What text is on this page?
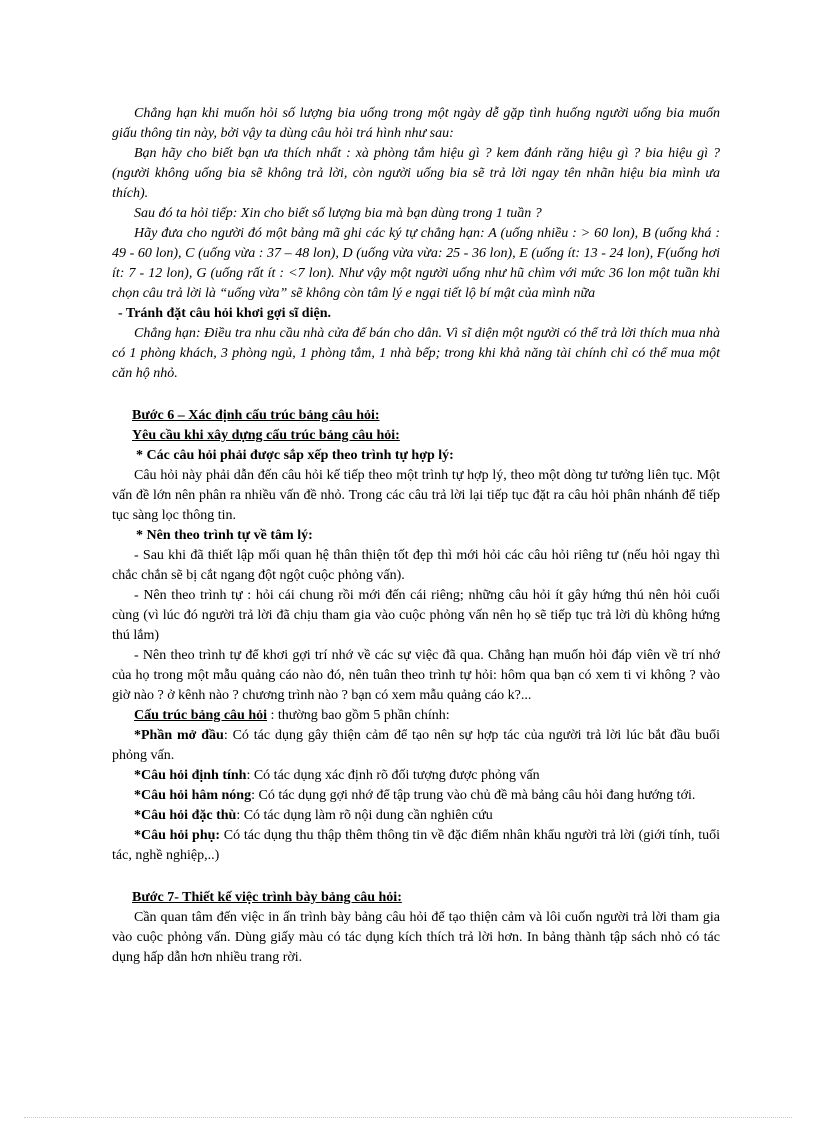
Chẳng hạn khi muốn hỏi số lượng bia uống trong một ngày dễ gặp tình huống người uống bia muốn giấu thông tin này, bởi vậy ta dùng câu hỏi trá hình như sau:

Bạn hãy cho biết bạn ưa thích nhất : xà phòng tắm hiệu gì ? kem đánh răng hiệu gì ? bia hiệu gì ? (người không uống bia sẽ không trả lời, còn người uống bia sẽ trả lời ngay tên nhãn hiệu bia mình ưa thích).

Sau đó ta hỏi tiếp: Xin cho biết số lượng bia mà bạn dùng trong 1 tuần ?

Hãy đưa cho người đó một bảng mã ghi các ký tự chẳng hạn: A (uống nhiều : > 60 lon), B (uống khá : 49 - 60 lon), C (uống vừa : 37 – 48 lon), D (uống vừa vừa: 25 - 36 lon), E (uống ít: 13 - 24 lon), F(uống hơi ít: 7 - 12 lon), G (uống rất ít : <7 lon). Như vậy một người uống như hũ chìm với mức 36 lon một tuần khi chọn câu trả lời là “uống vừa” sẽ không còn tâm lý e ngại tiết lộ bí mật của mình nữa

- Tránh đặt câu hỏi khơi gợi sĩ diện.

Chẳng hạn: Điều tra nhu cầu nhà cửa để bán cho dân. Vì sĩ diện một người có thể trả lời thích mua nhà có 1 phòng khách, 3 phòng ngủ, 1 phòng tắm, 1 nhà bếp; trong khi khả năng tài chính chỉ có thể mua một căn hộ nhỏ.

Bước 6 – Xác định cấu trúc bảng câu hỏi:

Yêu cầu khi xây dựng cấu trúc bảng câu hỏi:

* Các câu hỏi phải được sắp xếp theo trình tự hợp lý:

Câu hỏi này phải dẫn đến câu hỏi kế tiếp theo một trình tự hợp lý, theo một dòng tư tưởng liên tục. Một vấn đề lớn nên phân ra nhiều vấn đề nhỏ. Trong các câu trả lời lại tiếp tục đặt ra câu hỏi phân nhánh để tiếp tục sàng lọc thông tin.

* Nên theo trình tự về tâm lý:

- Sau khi đã thiết lập mối quan hệ thân thiện tốt đẹp thì mới hỏi các câu hỏi riêng tư (nếu hỏi ngay thì chắc chắn sẽ bị cắt ngang đột ngột cuộc phỏng vấn).

- Nên theo trình tự : hỏi cái chung rồi mới đến cái riêng; những câu hỏi ít gây hứng thú nên hỏi cuối cùng (vì lúc đó người trả lời đã chịu tham gia vào cuộc phỏng vấn nên họ sẽ tiếp tục trả lời dù không hứng thú lắm)

- Nên theo trình tự để khơi gợi trí nhớ về các sự việc đã qua. Chẳng hạn muốn hỏi đáp viên về trí nhớ của họ trong một mẫu quảng cáo nào đó, nên tuân theo trình tự hỏi: hôm qua bạn có xem ti vi không ? vào giờ nào ? ở kênh nào ? chương trình nào ? bạn có xem mẫu quảng cáo k?...

Cấu trúc bảng câu hỏi : thường bao gồm 5 phần chính:

*Phần mở đầu: Có tác dụng gây thiện cảm để tạo nên sự hợp tác của người trả lời lúc bắt đầu buổi phỏng vấn.

*Câu hỏi định tính: Có tác dụng xác định rõ đối tượng được phỏng vấn

*Câu hỏi hâm nóng: Có tác dụng gợi nhớ để tập trung vào chủ đề mà bảng câu hỏi đang hướng tới.

*Câu hỏi đặc thù: Có tác dụng làm rõ nội dung cần nghiên cứu

*Câu hỏi phụ: Có tác dụng thu thập thêm thông tin về đặc điểm nhân khẩu người trả lời (giới tính, tuổi tác, nghề nghiệp,..)

Bước 7- Thiết kế việc trình bày bảng câu hỏi:

Cần quan tâm đến việc in ấn trình bày bảng câu hỏi để tạo thiện cảm và lôi cuốn người trả lời tham gia vào cuộc phỏng vấn. Dùng giấy màu có tác dụng kích thích trả lời hơn. In bảng thành tập sách nhỏ có tác dụng hấp dẫn hơn nhiều trang rời.
